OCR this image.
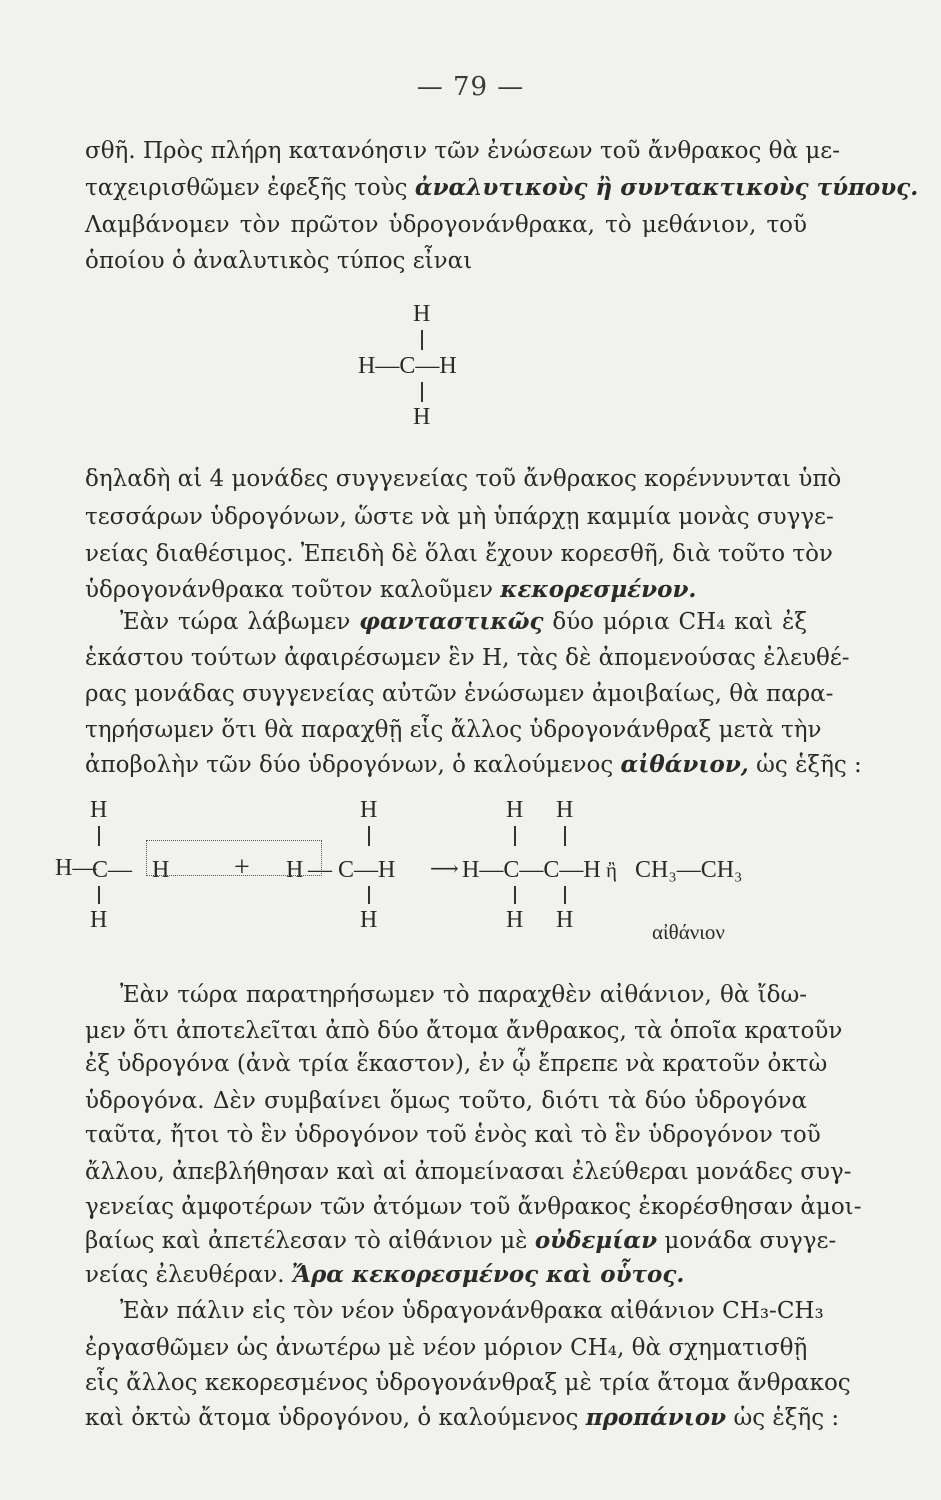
— 79 —
σθῆ. Πρὸς πλήρη κατανόησιν τῶν ἐνώσεων τοῦ ἄνθρακος θὰ με-
ταχειρισθῶμεν ἐφεξῆς τοὺς ἀναλυτικοὺς ἢ συντακτικοὺς τύπους.
Λαμβάνομεν τὸν πρῶτον ὑδρογονάνθρακα, τὸ μεθάνιον, τοῦ
ὁποίου ὁ ἀναλυτικὸς τύπος εἶναι
H
H—C—H
H
δηλαδὴ αἱ 4 μονάδες συγγενείας τοῦ ἄνθρακος κορέννυνται ὑπὸ
τεσσάρων ὑδρογόνων, ὥστε νὰ μὴ ὑπάρχῃ καμμία μονὰς συγγε-
νείας διαθέσιμος. Ἐπειδὴ δὲ ὅλαι ἔχουν κορεσθῆ, διὰ τοῦτο τὸν
ὑδρογονάνθρακα τοῦτον καλοῦμεν κεκορεσμένον.
Ἐὰν τώρα λάβωμεν φανταστικῶς δύο μόρια CH₄ καὶ ἐξ
ἑκάστου τούτων ἀφαιρέσωμεν ἓν H, τὰς δὲ ἀπομενούσας ἐλευθέ-
ρας μονάδας συγγενείας αὐτῶν ἑνώσωμεν ἀμοιβαίως, θὰ παρα-
τηρήσωμεν ὅτι θὰ παραχθῇ εἷς ἄλλος ὑδρογονάνθραξ μετὰ τὴν
ἀποβολὴν τῶν δύο ὑδρογόνων, ὁ καλούμενος αἰθάνιον, ὡς ἑξῆς :
H	H	H H
H—
C— H + H — C—H ⟶ H—C—C—H ἢ CH₃—CH₃
H	H	H H	αἰθάνιον
Ἐὰν τώρα παρατηρήσωμεν τὸ παραχθὲν αἰθάνιον, θὰ ἴδω-
μεν ὅτι ἀποτελεῖται ἀπὸ δύο ἄτομα ἄνθρακος, τὰ ὁποῖα κρατοῦν
ἐξ ὑδρογόνα (ἀνὰ τρία ἕκαστον), ἐν ᾧ ἔπρεπε νὰ κρατοῦν ὀκτὼ
ὑδρογόνα. Δὲν συμβαίνει ὅμως τοῦτο, διότι τὰ δύο ὑδρογόνα
ταῦτα, ἤτοι τὸ ἓν ὑδρογόνον τοῦ ἑνὸς καὶ τὸ ἓν ὑδρογόνον τοῦ
ἄλλου, ἀπεβλήθησαν καὶ αἱ ἀπομείνασαι ἐλεύθεραι μονάδες συγ-
γενείας ἀμφοτέρων τῶν ἀτόμων τοῦ ἄνθρακος ἐκορέσθησαν ἀμοι-
βαίως καὶ ἀπετέλεσαν τὸ αἰθάνιον μὲ οὐδεμίαν μονάδα συγγε-
νείας ἐλευθέραν. Ἄρα κεκορεσμένος καὶ οὗτος.
Ἐὰν πάλιν εἰς τὸν νέον ὑδραγονάνθρακα αἰθάνιον CH₃-CH₃
ἐργασθῶμεν ὡς ἀνωτέρω μὲ νέον μόριον CH₄, θὰ σχηματισθῇ
εἷς ἄλλος κεκορεσμένος ὑδρογονάνθραξ μὲ τρία ἄτομα ἄνθρακος
καὶ ὀκτὼ ἄτομα ὑδρογόνου, ὁ καλούμενος προπάνιον ὡς ἑξῆς :
